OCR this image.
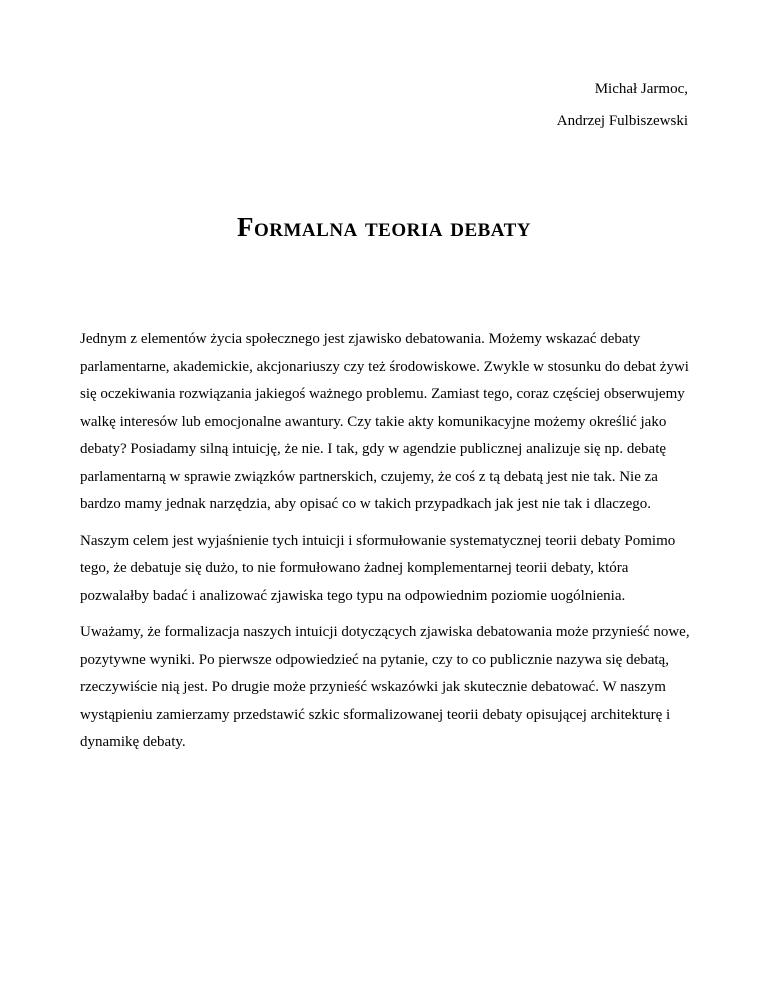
Michał Jarmoc,
Andrzej Fulbiszewski
Formalna teoria debaty

Jednym z elementów życia społecznego jest zjawisko debatowania. Możemy wskazać debaty parlamentarne, akademickie, akcjonariuszy czy też środowiskowe. Zwykle w stosunku do debat żywi się oczekiwania rozwiązania jakiegoś ważnego problemu. Zamiast tego, coraz częściej obserwujemy walkę interesów lub emocjonalne awantury. Czy takie akty komunikacyjne możemy określić jako debaty? Posiadamy silną intuicję, że nie. I tak, gdy w agendzie publicznej analizuje się np. debatę parlamentarną w sprawie związków partnerskich, czujemy, że coś z tą debatą jest nie tak. Nie za bardzo mamy jednak narzędzia, aby opisać co w takich przypadkach jak jest nie tak i dlaczego.

Naszym celem jest wyjaśnienie tych intuicji i sformułowanie systematycznej teorii debaty Pomimo tego, że debatuje się dużo, to nie formułowano żadnej komplementarnej teorii debaty, która pozwalałby badać i analizować zjawiska tego typu na odpowiednim poziomie uogólnienia.

Uważamy, że formalizacja naszych intuicji dotyczących zjawiska debatowania może przynieść nowe, pozytywne wyniki. Po pierwsze odpowiedzieć na pytanie, czy to co publicznie nazywa się debatą, rzeczywiście nią jest. Po drugie może przynieść wskazówki jak skutecznie debatować. W naszym wystąpieniu zamierzamy przedstawić szkic sformalizowanej teorii debaty opisującej architekturę i dynamikę debaty.
